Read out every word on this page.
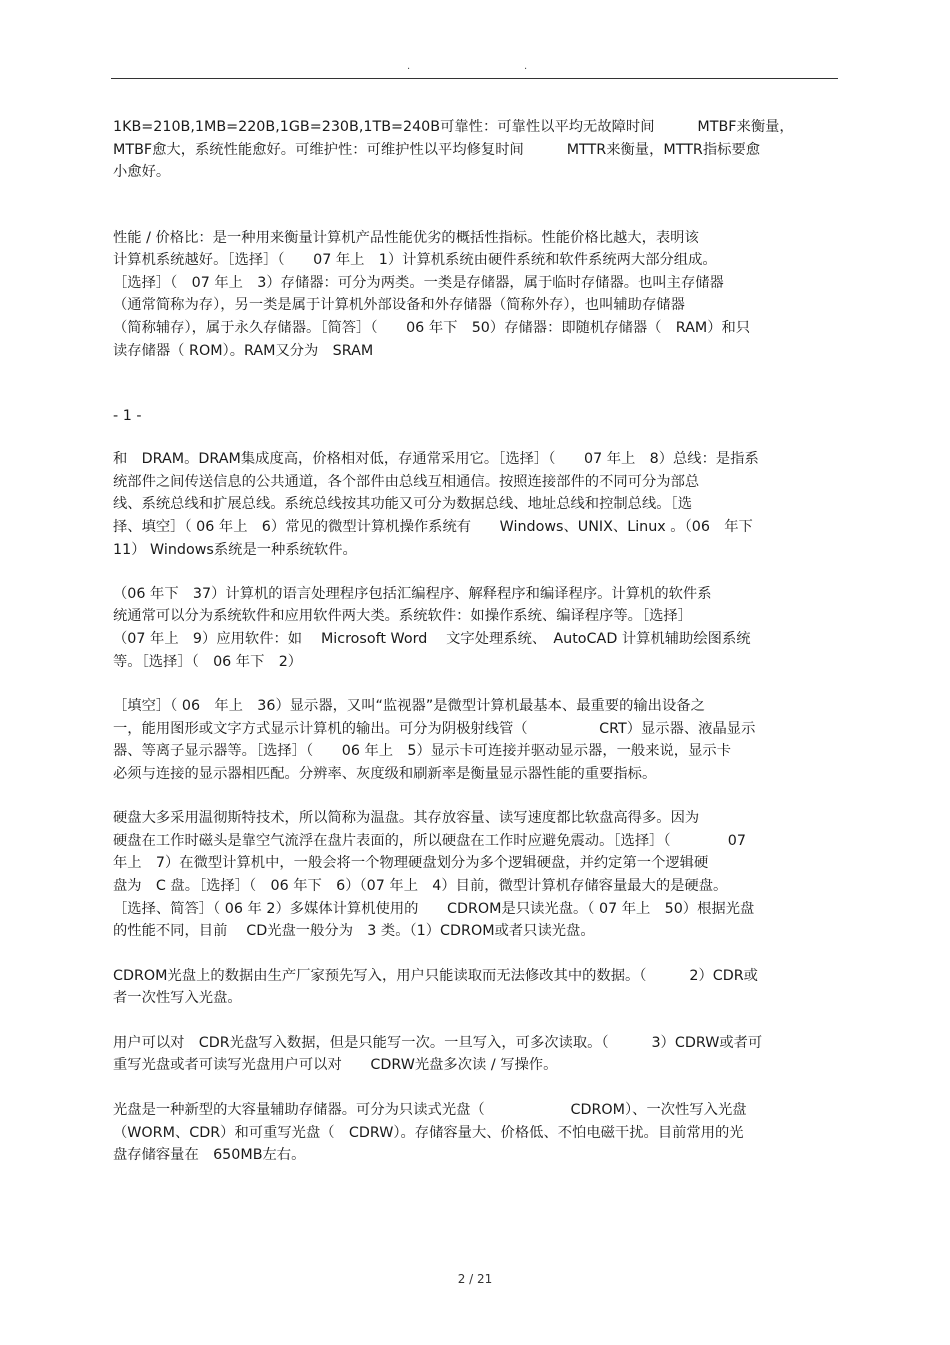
.	.
1KB=210B,1MB=220B,1GB=230B,1TB=240B可靠性：可靠性以平均无故障时间　　　MTBF来衡量，
MTBF愈大，系统性能愈好。可维护性：可维护性以平均修复时间　　　MTTR来衡量，MTTR指标要愈
小愈好。
性能 / 价格比：是一种用来衡量计算机产品性能优劣的概括性指标。性能价格比越大，表明该
计算机系统越好。［选择］（　　07 年上　1）计算机系统由硬件系统和软件系统两大部分组成。
［选择］（　07 年上　3）存储器：可分为两类。一类是存储器，属于临时存储器。也叫主存储器
（通常简称为存），另一类是属于计算机外部设备和外存储器（简称外存），也叫辅助存储器
（简称辅存），属于永久存储器。［简答］（　　06 年下　50）存储器：即随机存储器（　RAM）和只
读存储器（ ROM）。RAM又分为　SRAM
- 1 -
和　DRAM。DRAM集成度高，价格相对低，存通常采用它。［选择］（　　07 年上　8）总线：是指系
统部件之间传送信息的公共通道，各个部件由总线互相通信。按照连接部件的不同可分为部总
线、系统总线和扩展总线。系统总线按其功能又可分为数据总线、地址总线和控制总线。［选
择、填空］（ 06 年上　6）常见的微型计算机操作系统有　　Windows、UNIX、Linux 。（06　年下
11） Windows系统是一种系统软件。
（06 年下　37）计算机的语言处理程序包括汇编程序、解释程序和编译程序。计算机的软件系
统通常可以分为系统软件和应用软件两大类。系统软件：如操作系统、编译程序等。［选择］
（07 年上　9）应用软件：如　 Microsoft Word　 文字处理系统、　AutoCAD 计算机辅助绘图系统
等。［选择］（　06 年下　2）
［填空］（ 06　年上　36）显示器，又叫“监视器”是微型计算机最基本、最重要的输出设备之
一，能用图形或文字方式显示计算机的输出。可分为阴极射线管（　　　　　CRT）显示器、液晶显示
器、等离子显示器等。［选择］（　　06 年上　5）显示卡可连接并驱动显示器，一般来说，显示卡
必须与连接的显示器相匹配。分辨率、灰度级和刷新率是衡量显示器性能的重要指标。
硬盘大多采用温彻斯特技术，所以简称为温盘。其存放容量、读写速度都比软盘高得多。因为
硬盘在工作时磁头是靠空气流浮在盘片表面的，所以硬盘在工作时应避免震动。［选择］（　　　　07
年上　7）在微型计算机中，一般会将一个物理硬盘划分为多个逻辑硬盘，并约定第一个逻辑硬
盘为　C 盘。［选择］（　06 年下　6）（07 年上　4）目前，微型计算机存储容量最大的是硬盘。
［选择、简答］（ 06 年 2）多媒体计算机使用的　　CDROM是只读光盘。（ 07 年上　50）根据光盘
的性能不同，目前　 CD光盘一般分为　3 类。（1）CDROM或者只读光盘。
CDROM光盘上的数据由生产厂家预先写入，用户只能读取而无法修改其中的数据。（　　　2）CDR或
者一次性写入光盘。
用户可以对　CDR光盘写入数据，但是只能写一次。一旦写入，可多次读取。（　　　3）CDRW或者可
重写光盘或者可读写光盘用户可以对　　CDRW光盘多次读 / 写操作。
光盘是一种新型的大容量辅助存储器。可分为只读式光盘（　　　　　　CDROM）、一次性写入光盘
（WORM、CDR）和可重写光盘（　CDRW）。存储容量大、价格低、不怕电磁干扰。目前常用的光
盘存储容量在　650MB左右。
2 / 21
